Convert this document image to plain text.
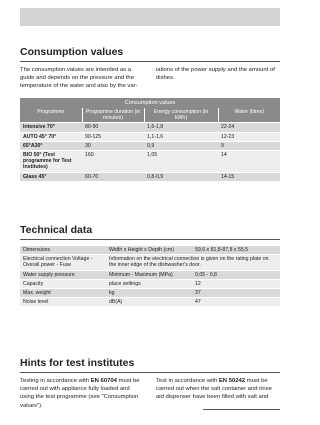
Consumption values

The consumption values are intended as a guide and depends on the pressure and the temperature of the water and also by the var-

iations of the power supply and the amount of dishes.

Consumption values
Programme	Programme duration (in minutes)	Energy consumption (in kWh)	Water (litres)
Intensive 70°	80-90	1,6-1,8	22-24
AUTO 45° 70°	90-125	1,1-1,6	12-23
65°A30°	30	0,9	9
BIO 50° (Test programme for Test Institutes)	160	1,05	14
Glass 45°	60-70	0,8-0,9	14-15
Technical data
Dimensions	Width x Height x Depth (cm)	59,6 x 81,8-87,8 x 55,5
Electrical connection Voltage - Overall power - Fuse	Information on the electrical connection is given on the rating plate on the inner edge of the dishwasher's door.	
Water supply pressure	Minimum - Maximum (MPa)	0,05 - 0,8
Capacity	place settings	12
Max. weight	kg	37
Noise level	dB(A)	47
Hints for test institutes

Testing in accordance with EN 60704 must be carried out with appliance fully loaded and using the test programme (see "Consumption values").

Test in accordance with EN 50242 must be carried out when the salt container and rinse aid dispenser have been filled with salt and
